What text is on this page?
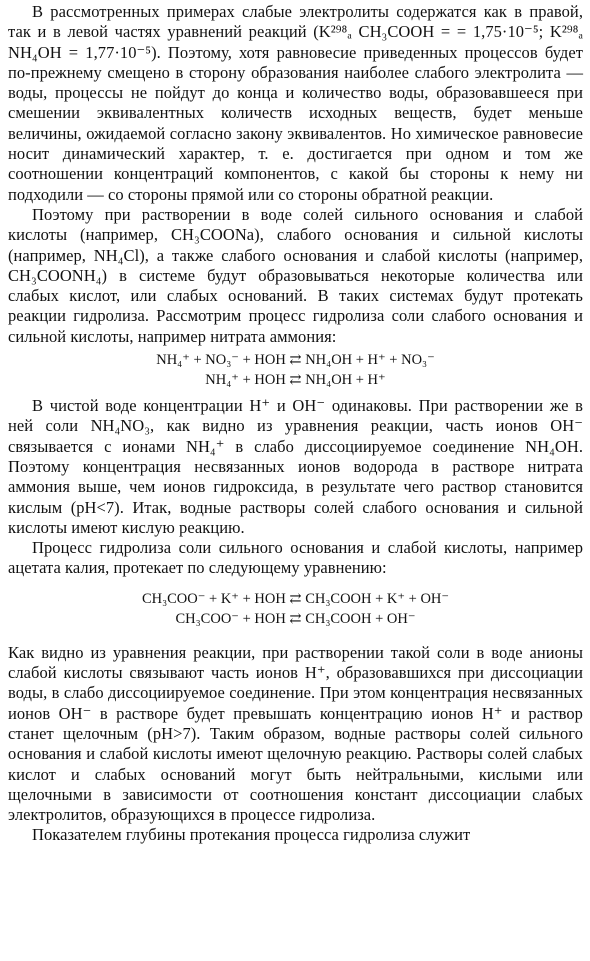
В рассмотренных примерах слабые электролиты содержатся как в правой, так и в левой частях уравнений реакций (K²⁹⁸ₐ CH₃COOH = = 1,75·10⁻⁵; K²⁹⁸ₐ NH₄OH = 1,77·10⁻⁵). Поэтому, хотя равновесие приведенных процессов будет по-прежнему смещено в сторону образования наиболее слабого электролита — воды, процессы не пойдут до конца и количество воды, образовавшееся при смешении эквивалентных количеств исходных веществ, будет меньше величины, ожидаемой согласно закону эквивалентов. Но химическое равновесие носит динамический характер, т. е. достигается при одном и том же соотношении концентраций компонентов, с какой бы стороны к нему ни подходили — со стороны прямой или со стороны обратной реакции.

Поэтому при растворении в воде солей сильного основания и слабой кислоты (например, CH₃COONa), слабого основания и сильной кислоты (например, NH₄Cl), а также слабого основания и слабой кислоты (например, CH₃COONH₄) в системе будут образовываться некоторые количества или слабых кислот, или слабых оснований. В таких системах будут протекать реакции гидролиза. Рассмотрим процесс гидролиза соли слабого основания и сильной кислоты, например нитрата аммония:

NH₄⁺ + NO₃⁻ + HOH ⇄ NH₄OH + H⁺ + NO₃⁻
NH₄⁺ + HOH ⇄ NH₄OH + H⁺

В чистой воде концентрации H⁺ и OH⁻ одинаковы. При растворении же в ней соли NH₄NO₃, как видно из уравнения реакции, часть ионов OH⁻ связывается с ионами NH₄⁺ в слабо диссоциируемое соединение NH₄OH. Поэтому концентрация несвязанных ионов водорода в растворе нитрата аммония выше, чем ионов гидроксида, в результате чего раствор становится кислым (pH<7). Итак, водные растворы солей слабого основания и сильной кислоты имеют кислую реакцию.

Процесс гидролиза соли сильного основания и слабой кислоты, например ацетата калия, протекает по следующему уравнению:

CH₃COO⁻ + K⁺ + HOH ⇄ CH₃COOH + K⁺ + OH⁻
CH₃COO⁻ + HOH ⇄ CH₃COOH + OH⁻

Как видно из уравнения реакции, при растворении такой соли в воде анионы слабой кислоты связывают часть ионов H⁺, образовавшихся при диссоциации воды, в слабо диссоциируемое соединение. При этом концентрация несвязанных ионов OH⁻ в растворе будет превышать концентрацию ионов H⁺ и раствор станет щелочным (pH>7). Таким образом, водные растворы солей сильного основания и слабой кислоты имеют щелочную реакцию. Растворы солей слабых кислот и слабых оснований могут быть нейтральными, кислыми или щелочными в зависимости от соотношения констант диссоциации слабых электролитов, образующихся в процессе гидролиза.

Показателем глубины протекания процесса гидролиза служит
